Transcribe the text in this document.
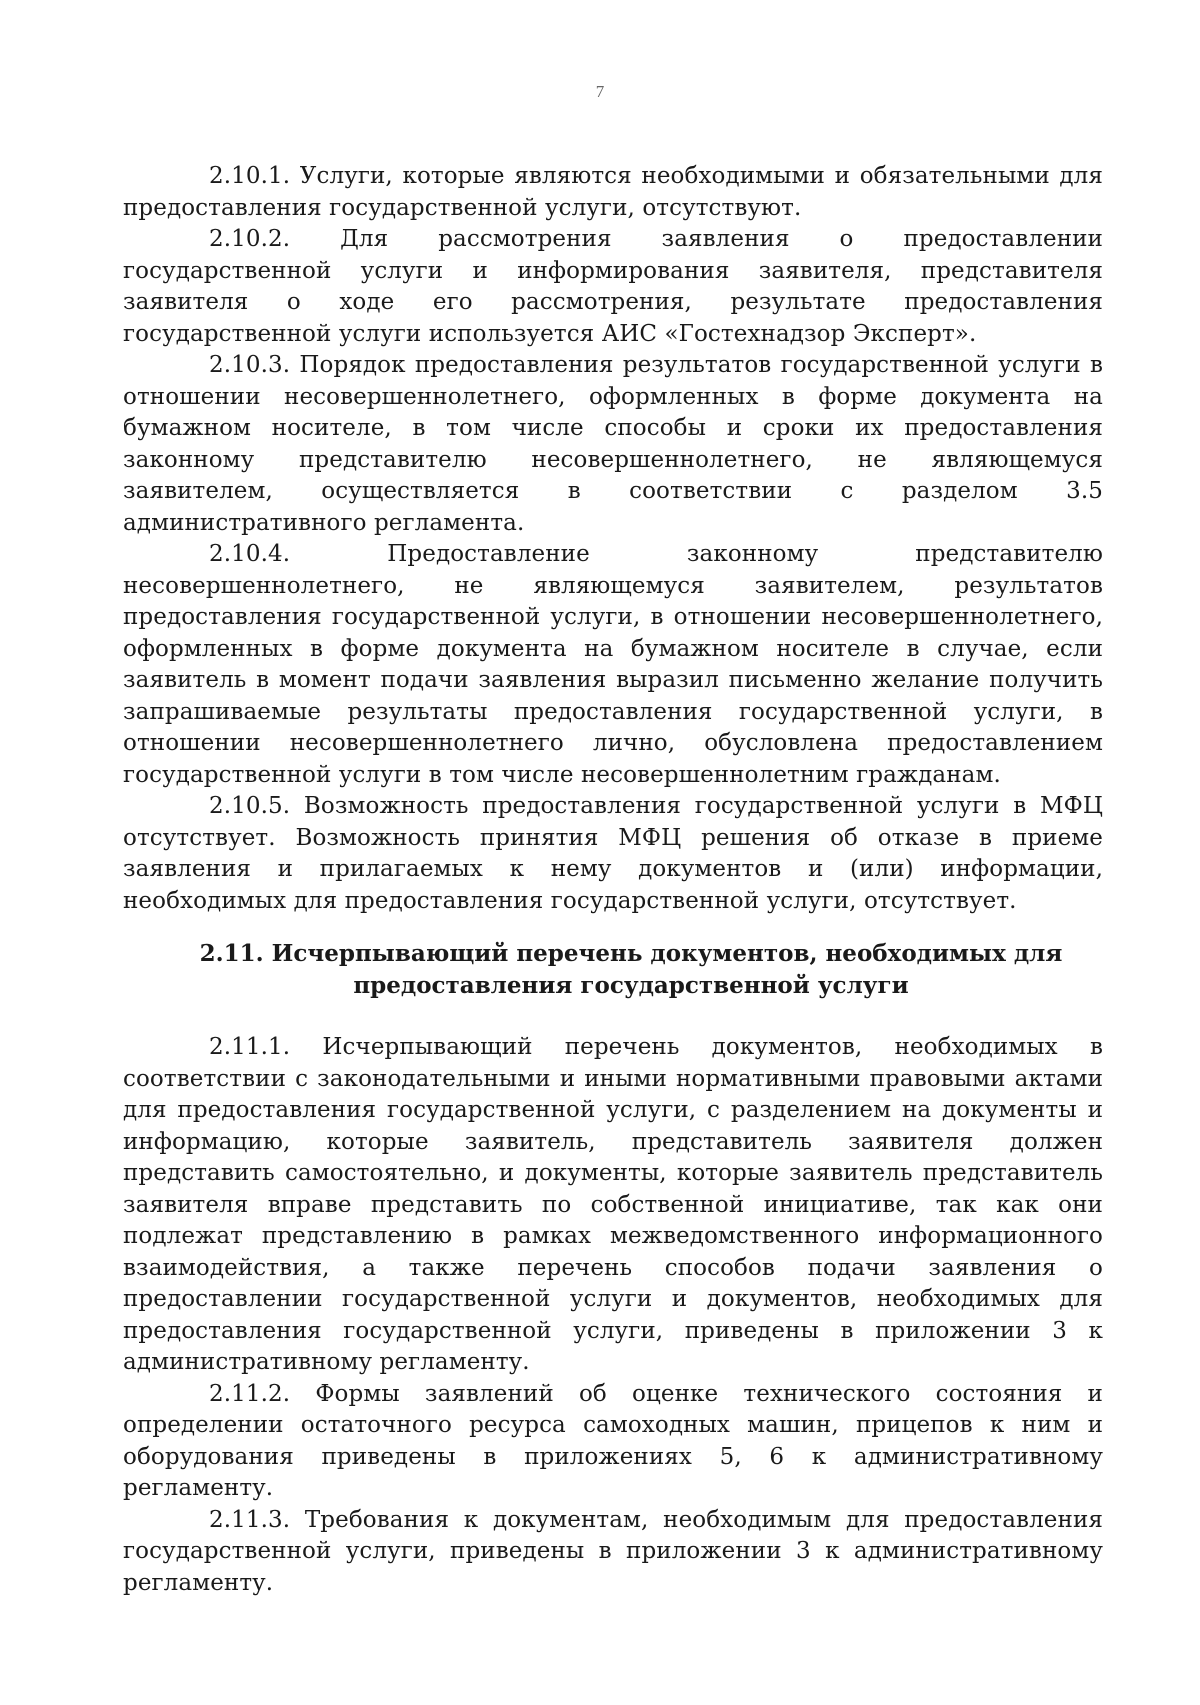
7

2.10.1. Услуги, которые являются необходимыми и обязательными для предоставления государственной услуги, отсутствуют.

2.10.2. Для рассмотрения заявления о предоставлении государственной услуги и информирования заявителя, представителя заявителя о ходе его рассмотрения, результате предоставления государственной услуги используется АИС «Гостехнадзор Эксперт».

2.10.3. Порядок предоставления результатов государственной услуги в отношении несовершеннолетнего, оформленных в форме документа на бумажном носителе, в том числе способы и сроки их предоставления законному представителю несовершеннолетнего, не являющемуся заявителем, осуществляется в соответствии с разделом 3.5 административного регламента.

2.10.4. Предоставление законному представителю несовершеннолетнего, не являющемуся заявителем, результатов предоставления государственной услуги, в отношении несовершеннолетнего, оформленных в форме документа на бумажном носителе в случае, если заявитель в момент подачи заявления выразил письменно желание получить запрашиваемые результаты предоставления государственной услуги, в отношении несовершеннолетнего лично, обусловлена предоставлением государственной услуги в том числе несовершеннолетним гражданам.

2.10.5. Возможность предоставления государственной услуги в МФЦ отсутствует. Возможность принятия МФЦ решения об отказе в приеме заявления и прилагаемых к нему документов и (или) информации, необходимых для предоставления государственной услуги, отсутствует.

2.11. Исчерпывающий перечень документов, необходимых для
предоставления государственной услуги

2.11.1. Исчерпывающий перечень документов, необходимых в соответствии с законодательными и иными нормативными правовыми актами для предоставления государственной услуги, с разделением на документы и информацию, которые заявитель, представитель заявителя должен представить самостоятельно, и документы, которые заявитель представитель заявителя вправе представить по собственной инициативе, так как они подлежат представлению в рамках межведомственного информационного взаимодействия, а также перечень способов подачи заявления о предоставлении государственной услуги и документов, необходимых для предоставления государственной услуги, приведены в приложении 3 к административному регламенту.

2.11.2. Формы заявлений об оценке технического состояния и определении остаточного ресурса самоходных машин, прицепов к ним и оборудования приведены в приложениях 5, 6 к административному регламенту.

2.11.3. Требования к документам, необходимым для предоставления государственной услуги, приведены в приложении 3 к административному регламенту.
